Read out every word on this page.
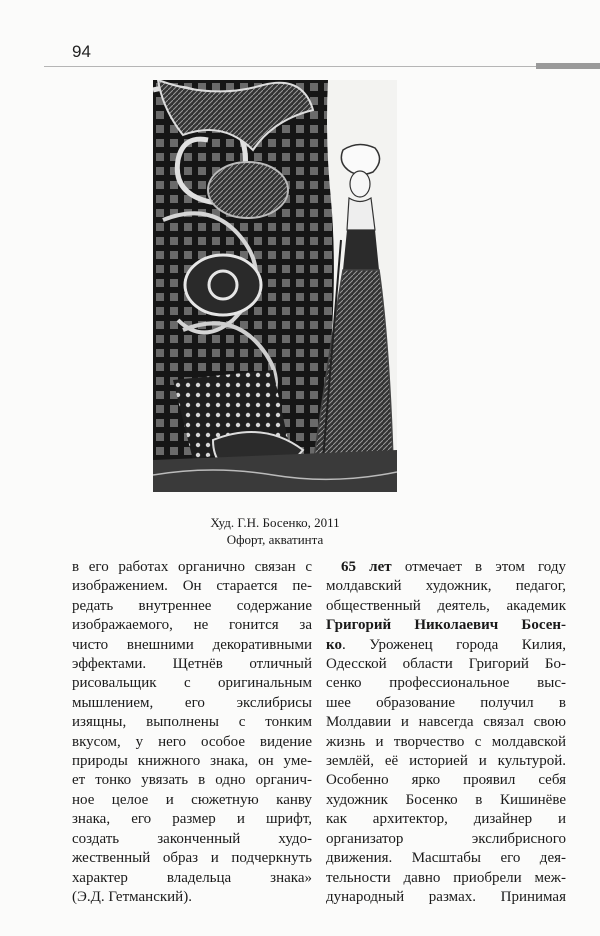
94
Худ. Г.Н. Босенко, 2011
Офорт, акватинта
в его работах органично связан с
изображением. Он старается пе-
редать внутреннее содержание
изображаемого, не гонится за
чисто внешними декоративными
эффектами. Щетнёв отличный
рисовальщик с оригинальным
мышлением, его экслибрисы
изящны, выполнены с тонким
вкусом, у него особое видение
природы книжного знака, он уме-
ет тонко увязать в одно органич-
ное целое и сюжетную канву
знака, его размер и шрифт,
создать законченный худо-
жественный образ и подчеркнуть
характер владельца знака»
(Э.Д. Гетманский).
65 лет отмечает в этом году
молдавский художник, педагог,
общественный деятель, академик
Григорий Николаевич Босен-
ко. Уроженец города Килия,
Одесской области Григорий Бо-
сенко профессиональное выс-
шее образование получил в
Молдавии и навсегда связал свою
жизнь и творчество с молдавской
землёй, её историей и культурой.
Особенно ярко проявил себя
художник Босенко в Кишинёве
как архитектор, дизайнер и
организатор экслибрисного
движения. Масштабы его дея-
тельности давно приобрели меж-
дународный размах. Принимая
